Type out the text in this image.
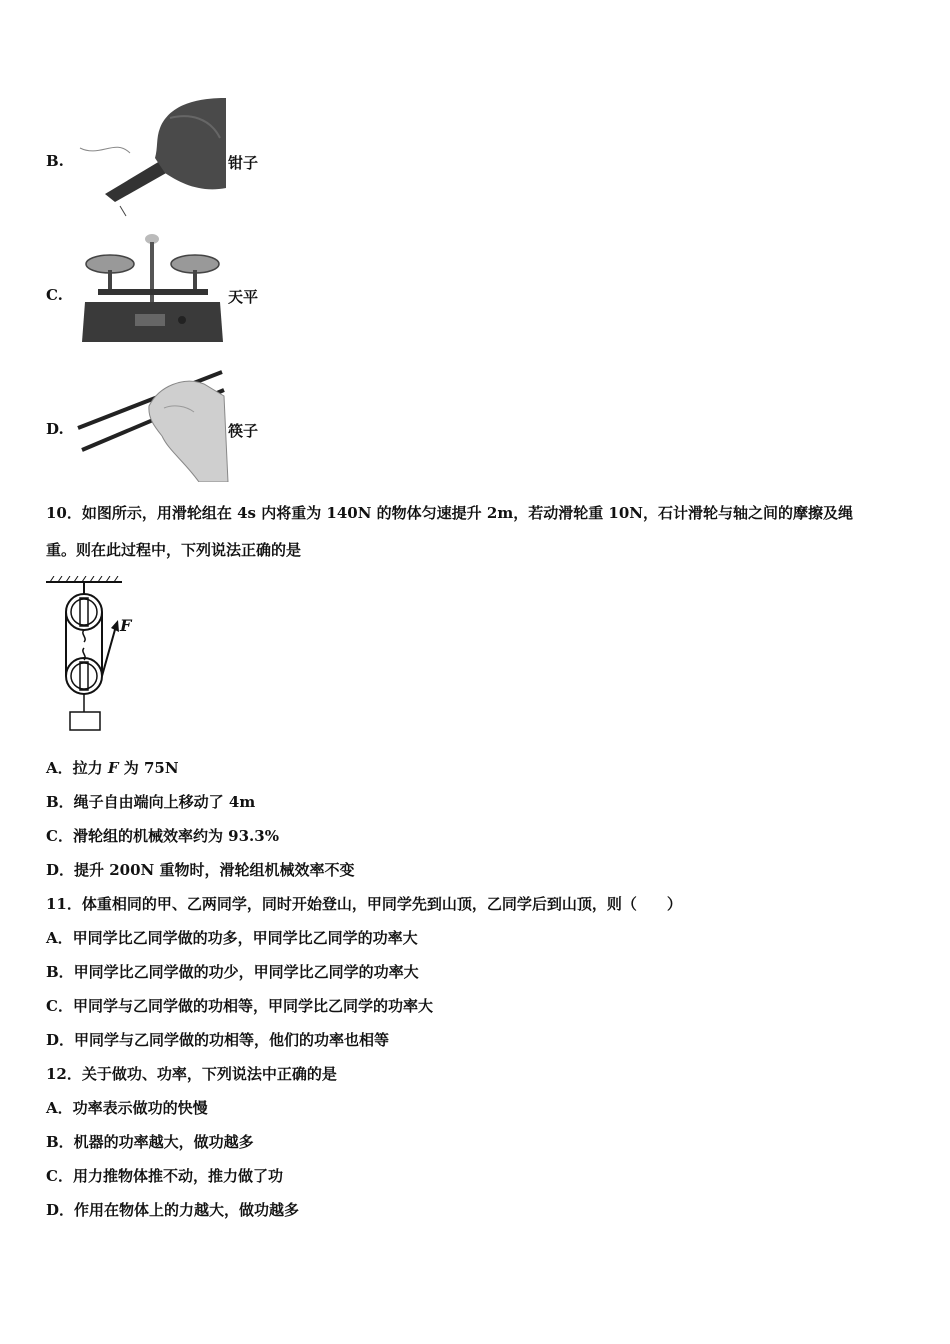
B.	钳子
C.	天平
D.	筷子
10．如图所示，用滑轮组在 4s 内将重为 140N 的物体匀速提升 2m，若动滑轮重 10N，石计滑轮与轴之间的摩擦及绳
重。则在此过程中，下列说法正确的是
F
A．拉力 F 为 75N
B．绳子自由端向上移动了 4m
C．滑轮组的机械效率约为 93.3%
D．提升 200N 重物时，滑轮组机械效率不变
11．体重相同的甲、乙两同学，同时开始登山，甲同学先到山顶，乙同学后到山顶，则（　　）
A．甲同学比乙同学做的功多，甲同学比乙同学的功率大
B．甲同学比乙同学做的功少，甲同学比乙同学的功率大
C．甲同学与乙同学做的功相等，甲同学比乙同学的功率大
D．甲同学与乙同学做的功相等，他们的功率也相等
12．关于做功、功率，下列说法中正确的是
A．功率表示做功的快慢
B．机器的功率越大，做功越多
C．用力推物体推不动，推力做了功
D．作用在物体上的力越大，做功越多
